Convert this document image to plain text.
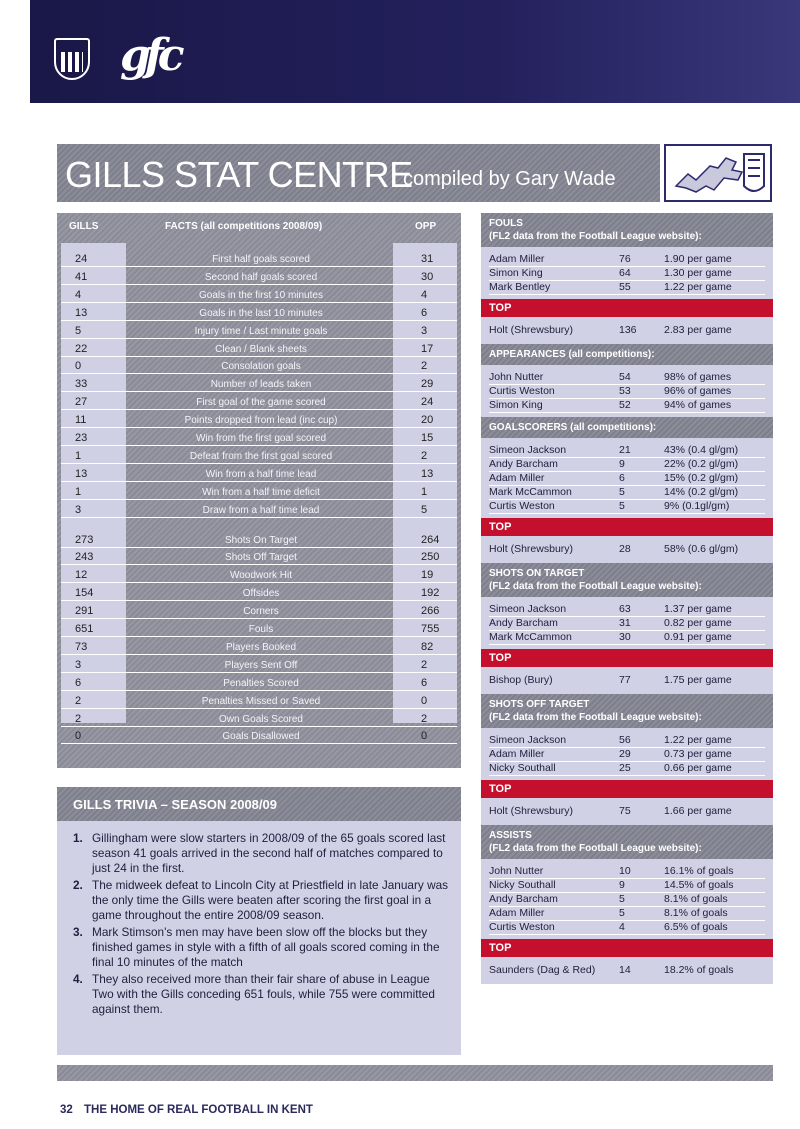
gfc
GILLS STAT CENTRE
compiled by Gary Wade
GILLS	FACTS (all competitions 2008/09)	OPP
24	First half goals scored	31
41	Second half goals scored	30
4	Goals in the first 10 minutes	4
13	Goals in the last 10 minutes	6
5	Injury time / Last minute goals	3
22	Clean / Blank sheets	17
0	Consolation goals	2
33	Number of leads taken	29
27	First goal of the game scored	24
11	Points dropped from lead (inc cup)	20
23	Win from the first goal scored	15
1	Defeat from the first goal scored	2
13	Win from a half time lead	13
1	Win from a half time deficit	1
3	Draw from a half time lead	5
273	Shots On Target	264
243	Shots Off Target	250
12	Woodwork Hit	19
154	Offsides	192
291	Corners	266
651	Fouls	755
73	Players Booked	82
3	Players Sent Off	2
6	Penalties Scored	6
2	Penalties Missed or Saved	0
2	Own Goals Scored	2
0	Goals Disallowed	0
GILLS TRIVIA – SEASON 2008/09
1. Gillingham were slow starters in 2008/09 of the 65 goals scored last season 41 goals arrived in the second half of matches compared to just 24 in the first.
2. The midweek defeat to Lincoln City at Priestfield in late January was the only time the Gills were beaten after scoring the first goal in a game throughout the entire 2008/09 season.
3. Mark Stimson's men may have been slow off the blocks but they finished games in style with a fifth of all goals scored coming in the final 10 minutes of the match
4. They also received more than their fair share of abuse in League Two with the Gills conceding 651 fouls, while 755 were committed against them.
FOULS
(FL2 data from the Football League website):
Adam Miller	76	1.90 per game
Simon King	64	1.30 per game
Mark Bentley	55	1.22 per game
TOP
Holt (Shrewsbury)	136	2.83 per game
APPEARANCES (all competitions):
John Nutter	54	98% of games
Curtis Weston	53	96% of games
Simon King	52	94% of games
GOALSCORERS (all competitions):
Simeon Jackson	21	43% (0.4 gl/gm)
Andy Barcham	9	22% (0.2 gl/gm)
Adam Miller	6	15% (0.2 gl/gm)
Mark McCammon	5	14% (0.2 gl/gm)
Curtis Weston	5	9% (0.1gl/gm)
TOP
Holt (Shrewsbury)	28	58% (0.6 gl/gm)
SHOTS ON TARGET
(FL2 data from the Football League website):
Simeon Jackson	63	1.37 per game
Andy Barcham	31	0.82 per game
Mark McCammon	30	0.91 per game
TOP
Bishop (Bury)	77	1.75 per game
SHOTS OFF TARGET
(FL2 data from the Football League website):
Simeon Jackson	56	1.22 per game
Adam Miller	29	0.73 per game
Nicky Southall	25	0.66 per game
TOP
Holt (Shrewsbury)	75	1.66 per game
ASSISTS
(FL2 data from the Football League website):
John Nutter	10	16.1% of goals
Nicky Southall	9	14.5% of goals
Andy Barcham	5	8.1% of goals
Adam Miller	5	8.1% of goals
Curtis Weston	4	6.5% of goals
TOP
Saunders (Dag & Red) 14	18.2% of goals
32 THE HOME OF REAL FOOTBALL IN KENT
